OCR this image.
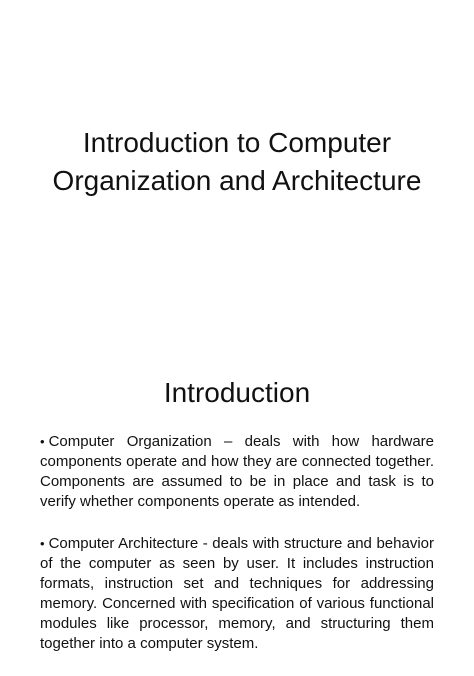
Introduction to Computer
Organization and Architecture
Introduction
• Computer Organization – deals with how hardware components operate and how they are connected together. Components are assumed to be in place and task is to verify whether components operate as intended.
• Computer Architecture - deals with structure and behavior of the computer as seen by user. It includes instruction formats, instruction set and techniques for addressing memory. Concerned with specification of various functional modules like processor, memory, and structuring them together into a computer system.
